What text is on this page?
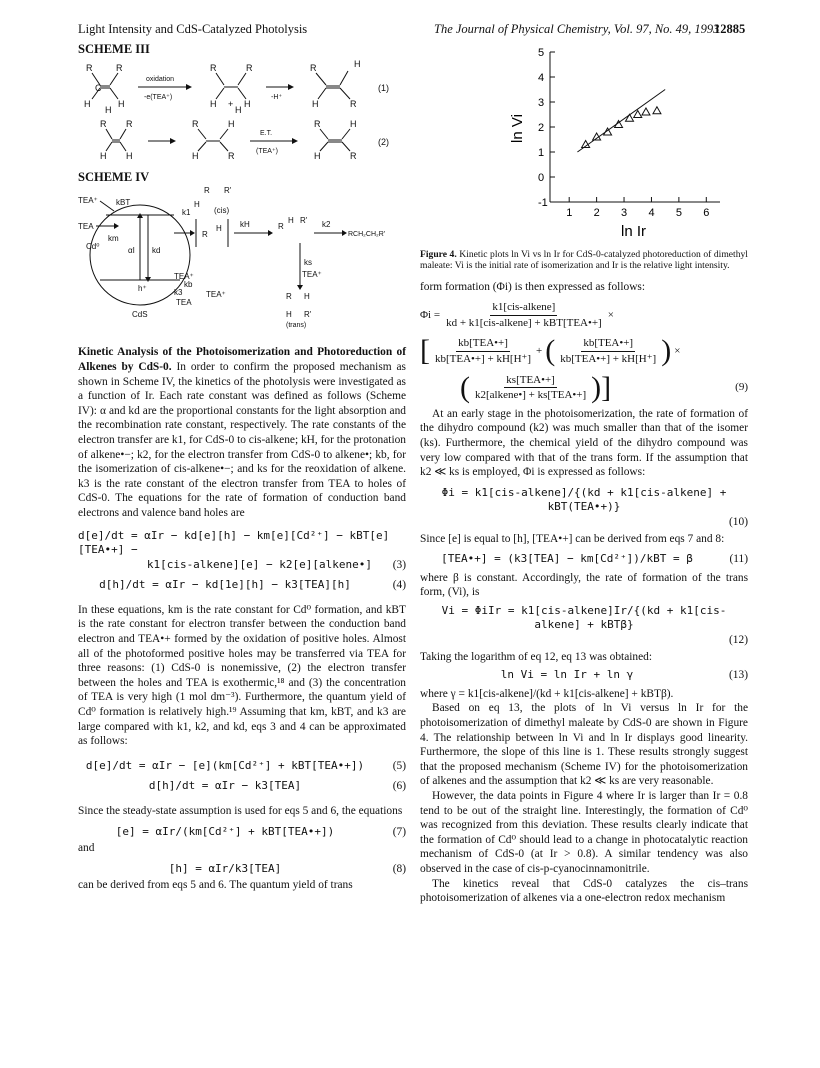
Light Intensity and CdS-Catalyzed Photolysis	The Journal of Physical Chemistry, Vol. 97, No. 49, 1993
12885
SCHEME III
R	R
H	H
H
C
oxidation
-e(TEA⁺)
R	R
H + H
H
-H⁺
R	H
H	R
(1)
R R
H H
R	H
H	R
E.T.
(TEA⁺)
R	H
H	R
(2)
SCHEME IV
TEA⁺ kBT
TEA
km
Cd⁰	αI kd
h⁺
TEA⁺
kb
k3
TEA
TEA⁺
CdS
R
H
k1
R R'
H
(cis)
kH	R
H R' k2
RCH₂CH₂R'
ks
TEA⁺
R H
H R'
(trans)

Kinetic Analysis of the Photoisomerization and Photoreduction of Alkenes by CdS-0. In order to confirm the proposed mechanism as shown in Scheme IV, the kinetics of the photolysis were investigated as a function of Ir. Each rate constant was defined as follows (Scheme IV): α and kd are the proportional constants for the light absorption and the recombination rate constant, respectively. The rate constants of the electron transfer are k1, for CdS-0 to cis-alkene; kH, for the protonation of alkene•−; k2, for the electron transfer from CdS-0 to alkene•; kb, for the isomerization of cis-alkene•−; and ks for the reoxidation of alkene. k3 is the rate constant of the electron transfer from TEA to holes of CdS-0. The equations for the rate of formation of conduction band electrons and valence band holes are

d[e]/dt = αIr − kd[e][h] − km[e][Cd²⁺] − kBT[e][TEA•+] −
k1[cis-alkene][e] − k2[e][alkene•]	(3)
d[h]/dt = αIr − kd[1e][h] − k3[TEA][h]	(4)

In these equations, km is the rate constant for Cd⁰ formation, and kBT is the rate constant for electron transfer between the conduction band electron and TEA•+ formed by the oxidation of positive holes. Almost all of the photoformed positive holes may be transferred via TEA for three reasons: (1) CdS-0 is nonemissive, (2) the electron transfer between the holes and TEA is exothermic,¹⁸ and (3) the concentration of TEA is very high (1 mol dm⁻³). Furthermore, the quantum yield of Cd⁰ formation is relatively high.¹⁹ Assuming that km, kBT, and k3 are large compared with k1, k2, and kd, eqs 3 and 4 can be approximated as follows:

d[e]/dt = αIr − [e](km[Cd²⁺] + kBT[TEA•+])	(5)
d[h]/dt = αIr − k3[TEA]	(6)

Since the steady-state assumption is used for eqs 5 and 6, the equations

[e] = αIr/(km[Cd²⁺] + kBT[TEA•+])	(7)
and
[h] = αIr/k3[TEA]	(8)

can be derived from eqs 5 and 6. The quantum yield of trans

-1
0
1
2
3
4
5
1 2 3 4 5 6
ln Ir
ln Vi

Figure 4. Kinetic plots ln Vi vs ln Ir for CdS-0-catalyzed photoreduction of dimethyl maleate: Vi is the initial rate of isomerization and Ir is the relative light intensity.

form formation (Φi) is then expressed as follows:

$\Phi i = \frac{\text{k1[cis-alkene]}}{\text{kd + k1[cis-alkene] + kBT[TEA•+]}}$ ×
[ $\frac{\text{kb[TEA•+]}}{\text{kb[TEA•+] + kH[H⁺]}}$ + ( $\frac{\text{kb[TEA•+]}}{\text{kb[TEA•+] + kH[H⁺]}}$ ) ×
( $\frac{\text{ks[TEA•+]}}{\text{k2[alkene•] + ks[TEA•+]}}$ )]	(9)

At an early stage in the photoisomerization, the rate of formation of the dihydro compound (k2) was much smaller than that of the isomer (ks). Furthermore, the chemical yield of the dihydro compound was very low compared with that of the trans form. If the assumption that k2 ≪ ks is employed, Φi is expressed as follows:

Φi = k1[cis-alkene]/{(kd + k1[cis-alkene] + kBT(TEA•+)}
(10)

Since [e] is equal to [h], [TEA•+] can be derived from eqs 7 and 8:

[TEA•+] = (k3[TEA] − km[Cd²⁺])/kBT = β	(11)

where β is constant. Accordingly, the rate of formation of the trans form, (Vi), is

Vi = ΦiIr = k1[cis-alkene]Ir/{(kd + k1[cis-alkene] + kBTβ}
(12)

Taking the logarithm of eq 12, eq 13 was obtained:

ln Vi = ln Ir + ln γ	(13)

where γ = k1[cis-alkene]/(kd + k1[cis-alkene] + kBTβ).

Based on eq 13, the plots of ln Vi versus ln Ir for the photoisomerization of dimethyl maleate by CdS-0 are shown in Figure 4. The relationship between ln Vi and ln Ir displays good linearity. Furthermore, the slope of this line is 1. These results strongly suggest that the proposed mechanism (Scheme IV) for the photoisomerization of alkenes and the assumption that k2 ≪ ks are very reasonable.

However, the data points in Figure 4 where Ir is larger than Ir = 0.8 tend to be out of the straight line. Interestingly, the formation of Cd⁰ was recognized from this deviation. These results clearly indicate that the formation of Cd⁰ should lead to a change in photocatalytic reaction mechanism of CdS-0 (at Ir > 0.8). A similar tendency was also observed in the case of cis-p-cyanocinnamonitrile.

The kinetics reveal that CdS-0 catalyzes the cis–trans photoisomerization of alkenes via a one-electron redox mechanism
